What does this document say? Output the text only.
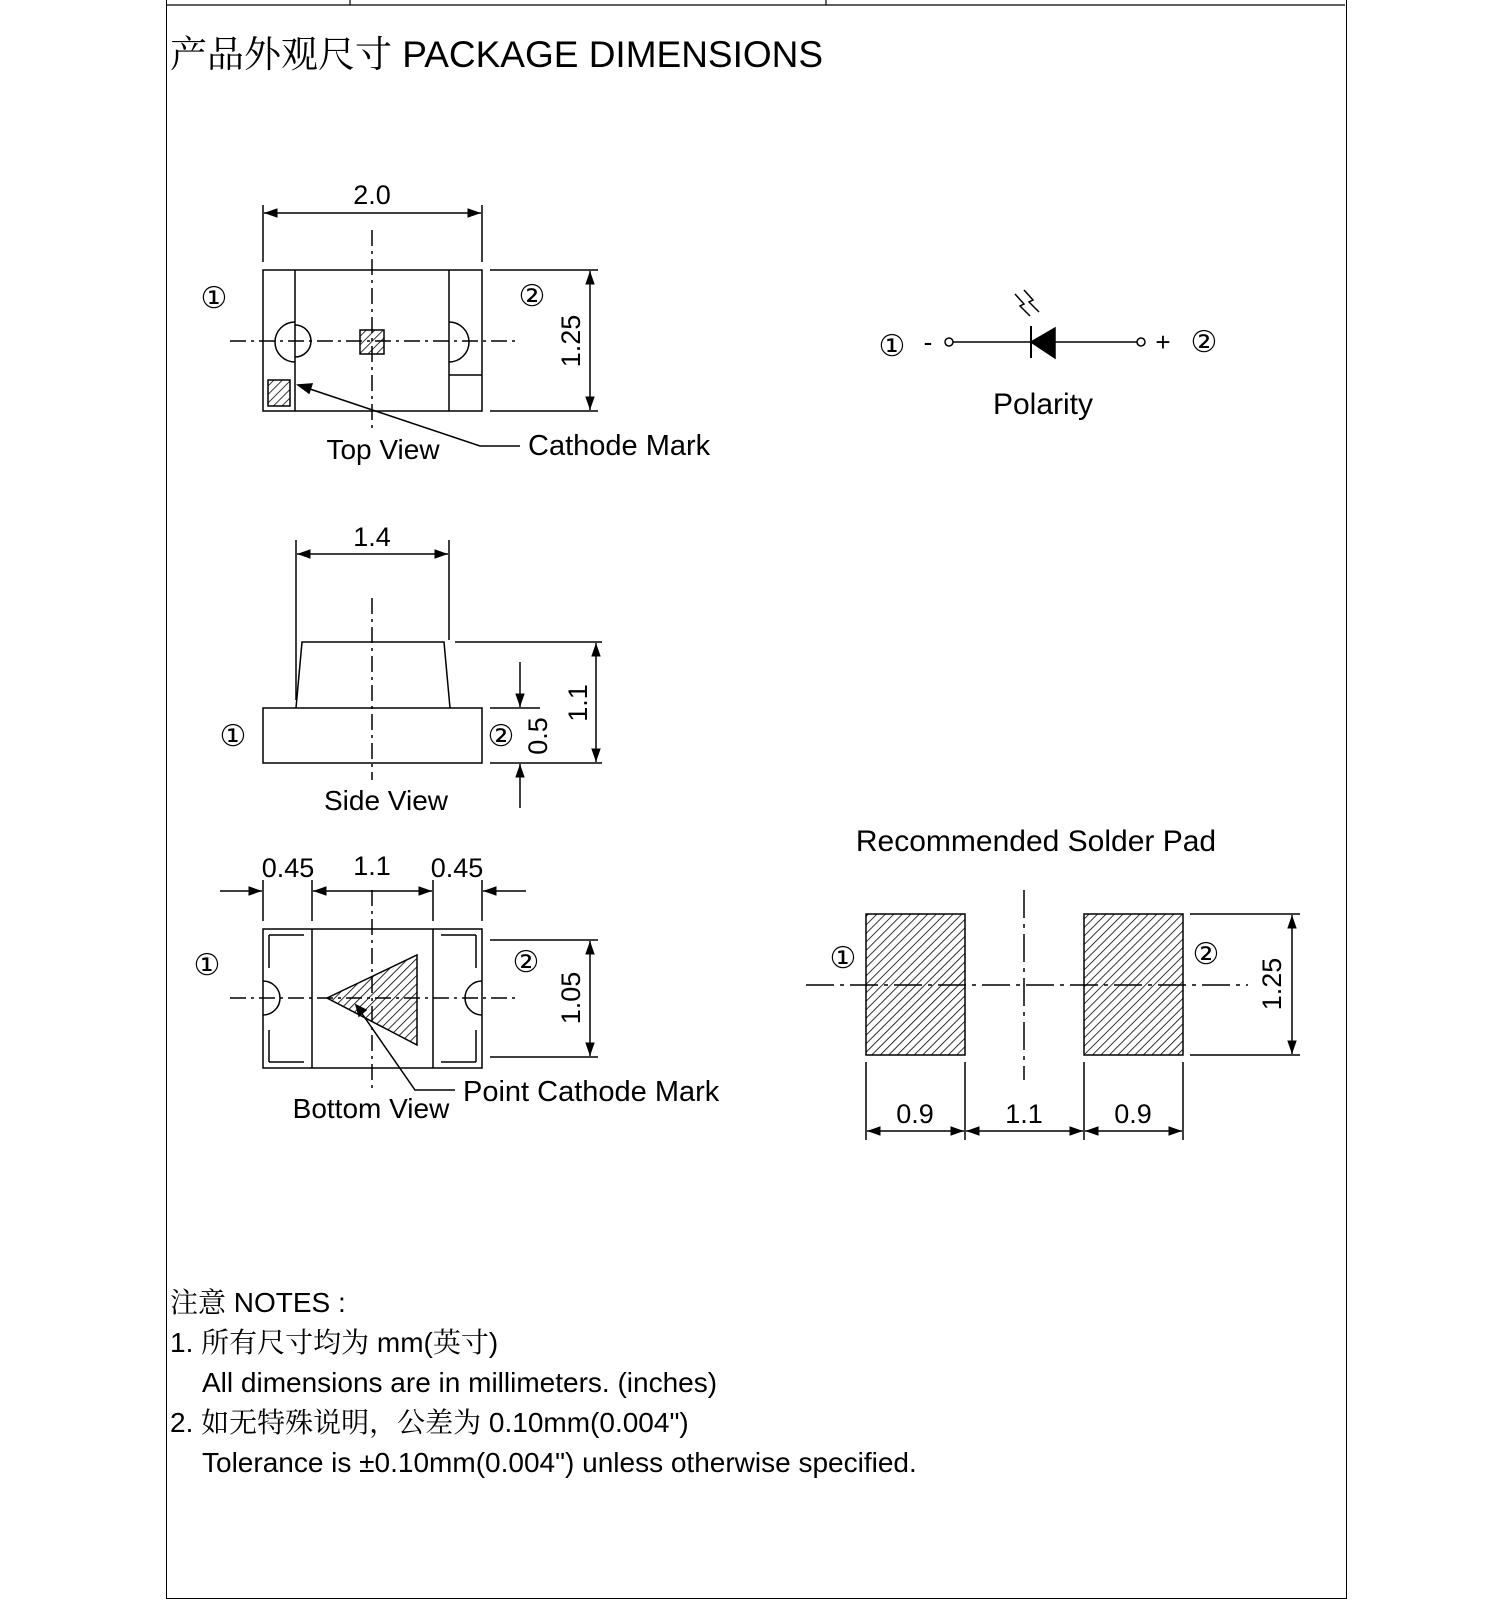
产品外观尺寸 PACKAGE DIMENSIONS
2.0
1.25
①	②
Top View	Cathode Mark
① -	+ ②
Polarity
1.4
1.1
0.5
①	②
Side View
0.45 1.1 0.45
1.05
①	②
Bottom View
Point Cathode Mark
Recommended Solder Pad
①	②
1.25
0.9	1.1	0.9
注意 NOTES :
1. 所有尺寸均为 mm(英寸)
All dimensions are in millimeters. (inches)
2. 如无特殊说明，公差为 0.10mm(0.004")
Tolerance is ±0.10mm(0.004") unless otherwise specified.
